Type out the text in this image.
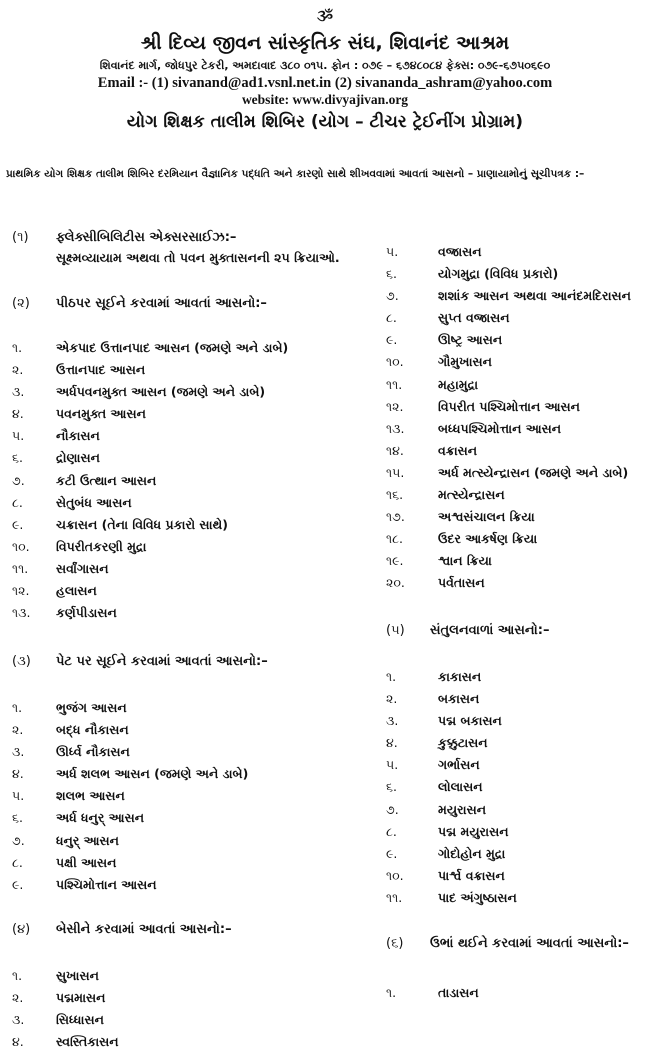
ૐ
શ્રી દિવ્ય જીવન સાંસ્કૃતિક સંઘ, શિવાનંદ આશ્રમ
શિવાનંદ માર્ગ, જોધપુર ટેકરી, અમદાવાદ ૩૮૦ ૦૧૫. ફોન : ૦૭૯ – ૬૭૪૮૦૮૪ ફેક્સ: ૦૭૯-૬૭૫૦૬૯૦
Email :- (1) sivanand@ad1.vsnl.net.in (2) sivananda_ashram@yahoo.com
website: www.divyajivan.org
યોગ શિક્ષક તાલીમ શિબિર (યોગ – ટીચર ટ્રેઈનીંગ પ્રોગ્રામ)
પ્રાથમિક યોગ શિક્ષક તાલીમ શિબિર દરમિયાન વૈજ્ઞાનિક પદ્ધતિ અને કારણો સાથે શીખવવામાં આવતાં આસનો – પ્રાણાયામોનું સૂચીપત્રક :–
(૧) ફ્લેક્સીબિલિટીસ એક્સરસાઈઝ:–
સૂક્ષ્મવ્યાયામ અથવા તો પવન મુક્તાસનની ૨૫ ક્રિયાઓ.
(૨) પીઠપર સૂઈને કરવામાં આવતાં આસનો:–
૧.	એકપાદ ઉત્તાનપાદ આસન (જમણે અને ડાબે)
૨.	ઉત્તાનપાદ આસન
૩.	અર્ધપવનમુક્ત આસન (જમણે અને ડાબે)
૪.	પવનમુક્ત આસન
૫.	નૌકાસન
૬.	દ્રોણાસન
૭.	કટી ઉત્થાન આસન
૮.	સેતુબંધ આસન
૯.	ચક્રાસન (તેના વિવિધ પ્રકારો સાથે)
૧૦. વિપરીતકરણી મુદ્રા
૧૧. સર્વાંગાસન
૧૨. હલાસન
૧૩. કર્ણપીડાસન
(૩) પેટ પર સૂઈને કરવામાં આવતાં આસનો:–
૧.	ભુજંગ આસન
૨.	બદ્ધ નૌકાસન
૩.	ઊર્ધ્વ નૌકાસન
૪.	અર્ધ શલભ આસન (જમણે અને ડાબે)
૫.	શલભ આસન
૬.	અર્ધ ધનુર્ આસન
૭.	ધનુર્ આસન
૮.	પક્ષી આસન
૯.	પશ્ચિમોત્તાન આસન
(૪) બેસીને કરવામાં આવતાં આસનો:–
૧.	સુખાસન
૨.	પદ્મમાસન
૩.	સિધ્ધાસન
૪.	સ્વસ્તિકાસન
૫.	વજ્રાસન
૬.	યોગમુદ્રા (વિવિધ પ્રકારો)
૭.	શશાંક આસન અથવા આનંદમદિરાસન
૮.	સુપ્ત વજ્રાસન
૯.	ઊષ્ટ્ર આસન
૧૦.	ગૌમુખાસન
૧૧.	મહામુદ્રા
૧૨.	વિપરીત પશ્ચિમોત્તાન આસન
૧૩.	બધ્ધપશ્ચિમોત્તાન આસન
૧૪.	વક્રાસન
૧૫.	અર્ધ મત્સ્યેન્દ્રાસન (જમણે અને ડાબે)
૧૬.	મત્સ્યેન્દ્રાસન
૧૭.	અશ્વસંચાલન ક્રિયા
૧૮.	ઉદર આકર્ષણ ક્રિયા
૧૯.	શ્વાન ક્રિયા
૨૦.	પર્વતાસન
(૫) સંતુલનવાળાં આસનો:–
૧.	કાકાસન
૨.	બકાસન
૩.	પદ્મ બકાસન
૪.	કુક્કુટાસન
૫.	ગર્ભાસન
૬.	લોલાસન
૭.	મયુરાસન
૮.	પદ્મ મયુરાસન
૯.	ગોદોહોન મુદ્રા
૧૦.	પાર્શ્વ વક્રાસન
૧૧.	પાદ અંગુષ્ઠાસન
(૬) ઉભાં થઈને કરવામાં આવતાં આસનો:–
૧.	તાડાસન
